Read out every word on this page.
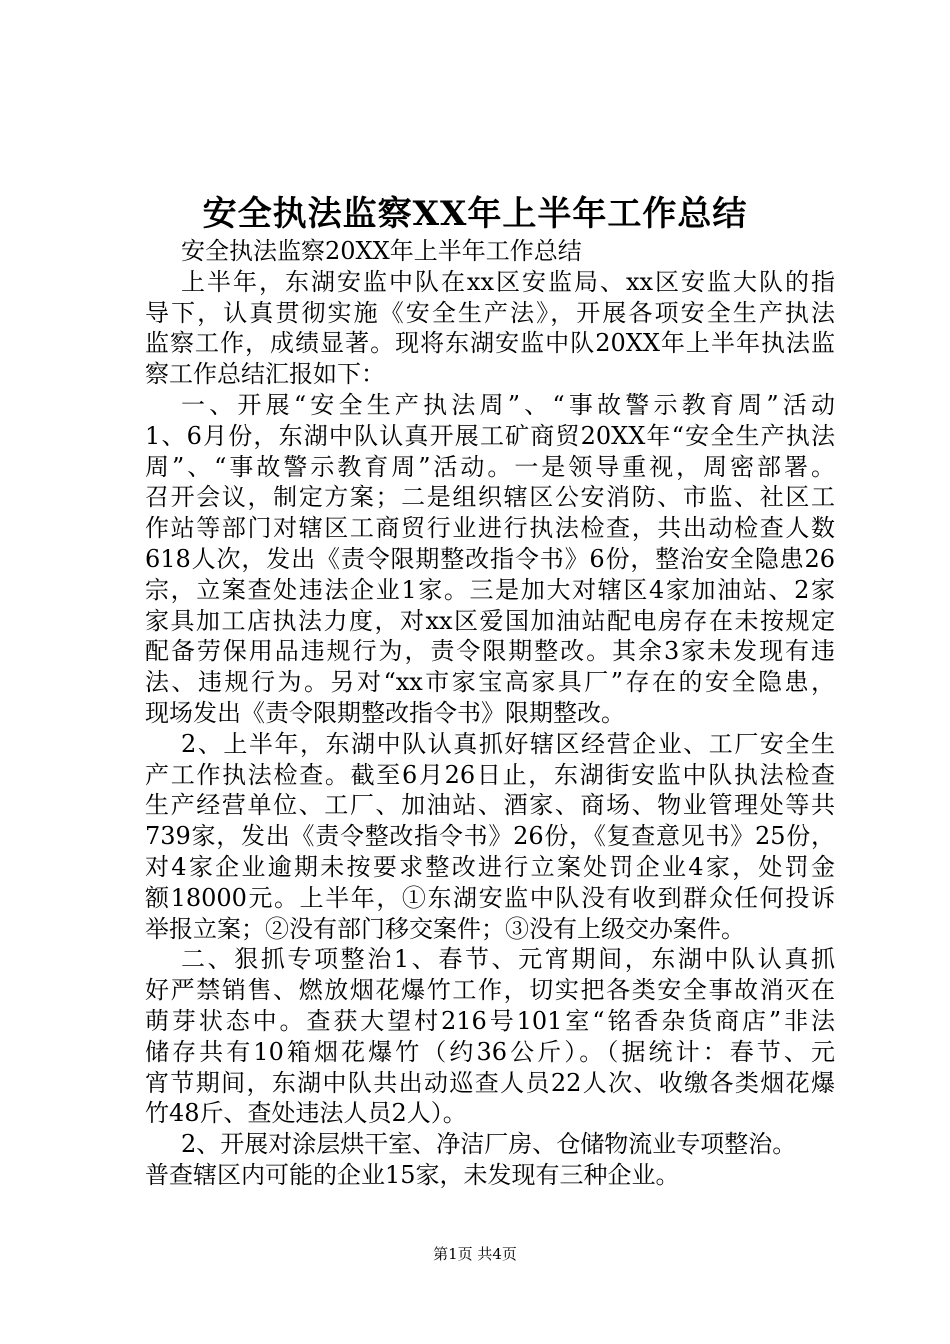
安全执法监察XX年上半年工作总结
安全执法监察20XX年上半年工作总结
上半年，东湖安监中队在xx区安监局、xx区安监大队的指
导下，认真贯彻实施《安全生产法》，开展各项安全生产执法
监察工作，成绩显著。现将东湖安监中队20XX年上半年执法监
察工作总结汇报如下：
一、开展“安全生产执法周”、“事故警示教育周”活动
1、6月份，东湖中队认真开展工矿商贸20XX年“安全生产执法
周”、“事故警示教育周”活动。一是领导重视，周密部署。
召开会议，制定方案；二是组织辖区公安消防、市监、社区工
作站等部门对辖区工商贸行业进行执法检查，共出动检查人数
618人次，发出《责令限期整改指令书》6份，整治安全隐患26
宗，立案查处违法企业1家。三是加大对辖区4家加油站、2家
家具加工店执法力度，对xx区爱国加油站配电房存在未按规定
配备劳保用品违规行为，责令限期整改。其余3家未发现有违
法、违规行为。另对“xx市家宝高家具厂”存在的安全隐患，
现场发出《责令限期整改指令书》限期整改。
2、上半年，东湖中队认真抓好辖区经营企业、工厂安全生
产工作执法检查。截至6月26日止，东湖街安监中队执法检查
生产经营单位、工厂、加油站、酒家、商场、物业管理处等共
739家，发出《责令整改指令书》26份，《复查意见书》25份，
对4家企业逾期未按要求整改进行立案处罚企业4家，处罚金
额18000元。上半年，①东湖安监中队没有收到群众任何投诉
举报立案；②没有部门移交案件；③没有上级交办案件。
二、狠抓专项整治1、春节、元宵期间，东湖中队认真抓
好严禁销售、燃放烟花爆竹工作，切实把各类安全事故消灭在
萌芽状态中。查获大望村216号101室“铭香杂货商店”非法
储存共有10箱烟花爆竹（约36公斤）。（据统计：春节、元
宵节期间，东湖中队共出动巡查人员22人次、收缴各类烟花爆
竹48斤、查处违法人员2人）。
2、开展对涂层烘干室、净洁厂房、仓储物流业专项整治。
普查辖区内可能的企业15家，未发现有三种企业。
第1页 共4页
